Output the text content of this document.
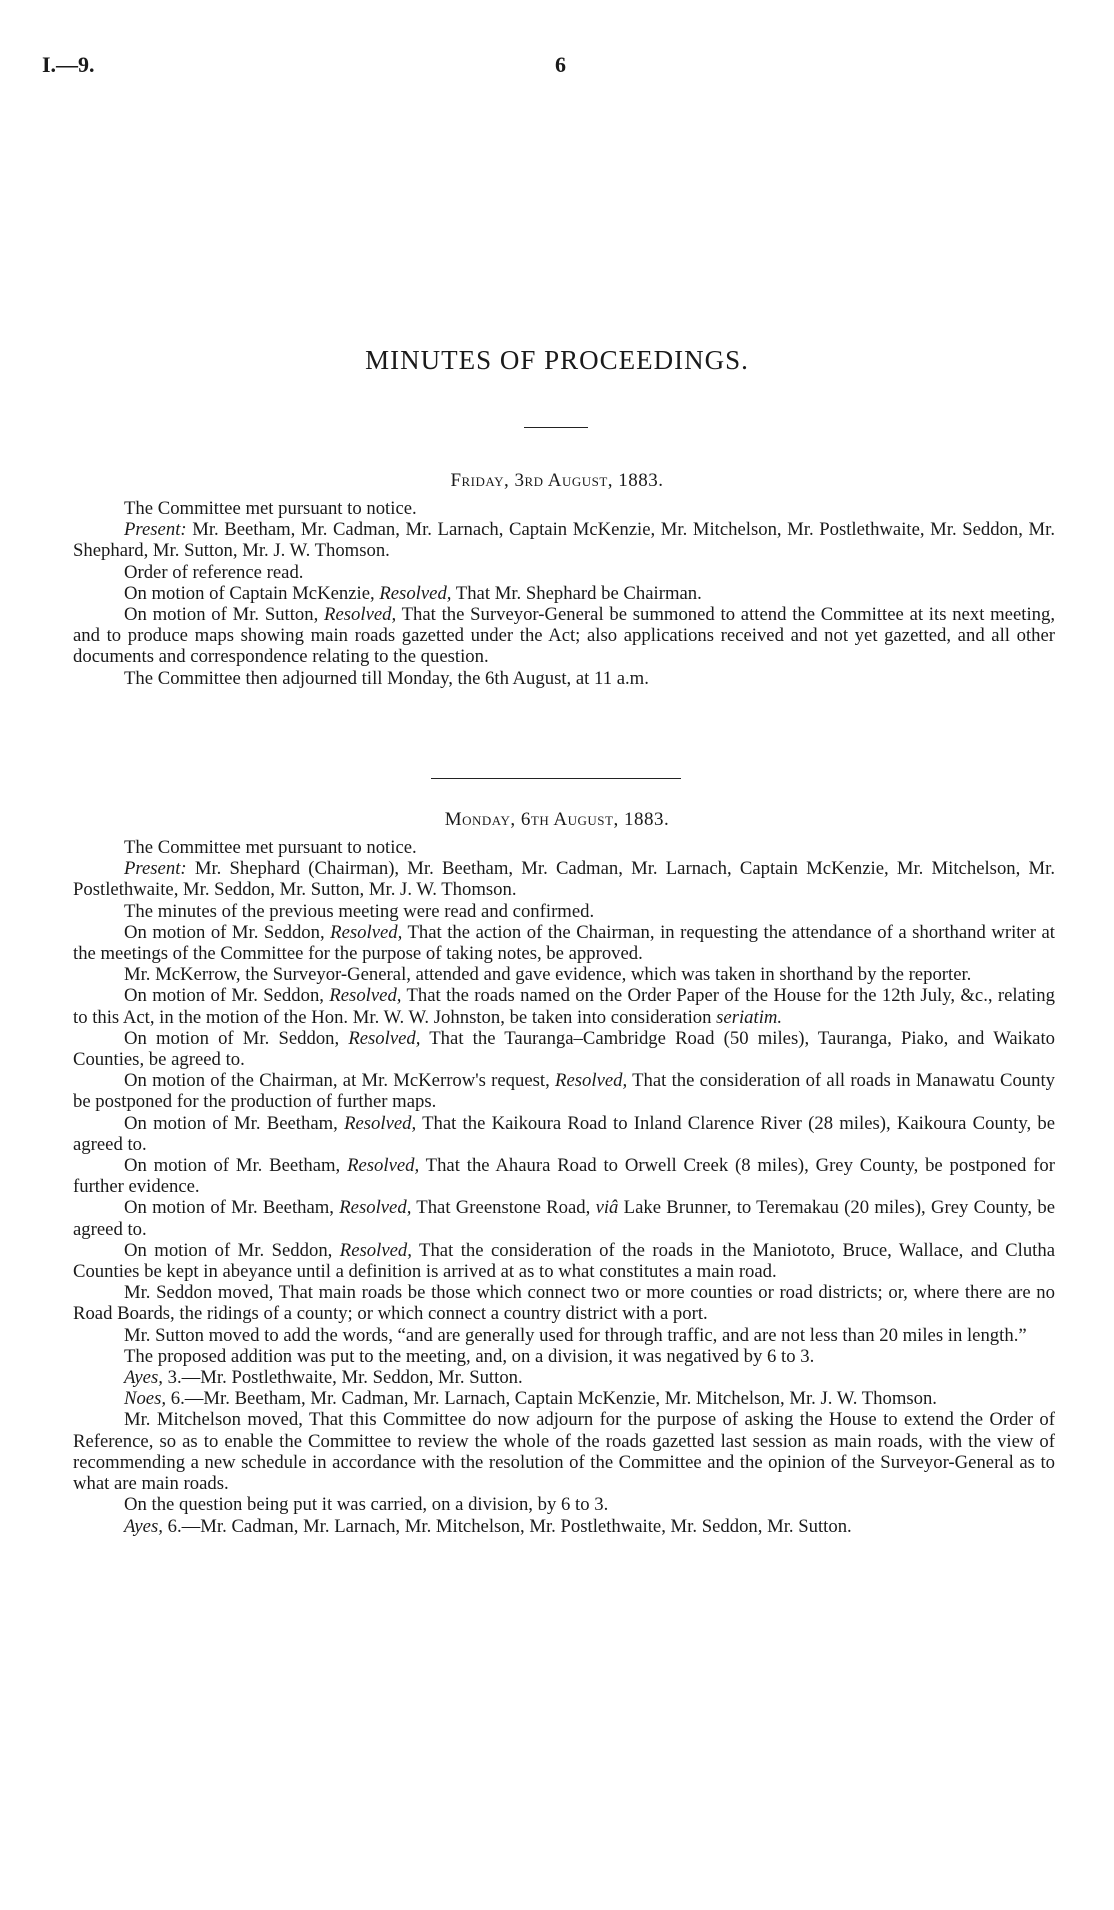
I.—9.	6
MINUTES OF PROCEEDINGS.
Friday, 3rd August, 1883.

The Committee met pursuant to notice.

Present: Mr. Beetham, Mr. Cadman, Mr. Larnach, Captain McKenzie, Mr. Mitchelson, Mr. Postlethwaite, Mr. Seddon, Mr. Shephard, Mr. Sutton, Mr. J. W. Thomson.

Order of reference read.

On motion of Captain McKenzie, Resolved, That Mr. Shephard be Chairman.

On motion of Mr. Sutton, Resolved, That the Surveyor-General be summoned to attend the Committee at its next meeting, and to produce maps showing main roads gazetted under the Act; also applications received and not yet gazetted, and all other documents and correspondence relating to the question.

The Committee then adjourned till Monday, the 6th August, at 11 a.m.

Monday, 6th August, 1883.

The Committee met pursuant to notice.

Present: Mr. Shephard (Chairman), Mr. Beetham, Mr. Cadman, Mr. Larnach, Captain McKenzie, Mr. Mitchelson, Mr. Postlethwaite, Mr. Seddon, Mr. Sutton, Mr. J. W. Thomson.

The minutes of the previous meeting were read and confirmed.

On motion of Mr. Seddon, Resolved, That the action of the Chairman, in requesting the attendance of a shorthand writer at the meetings of the Committee for the purpose of taking notes, be approved.

Mr. McKerrow, the Surveyor-General, attended and gave evidence, which was taken in shorthand by the reporter.

On motion of Mr. Seddon, Resolved, That the roads named on the Order Paper of the House for the 12th July, &c., relating to this Act, in the motion of the Hon. Mr. W. W. Johnston, be taken into consideration seriatim.

On motion of Mr. Seddon, Resolved, That the Tauranga–Cambridge Road (50 miles), Tauranga, Piako, and Waikato Counties, be agreed to.

On motion of the Chairman, at Mr. McKerrow's request, Resolved, That the consideration of all roads in Manawatu County be postponed for the production of further maps.

On motion of Mr. Beetham, Resolved, That the Kaikoura Road to Inland Clarence River (28 miles), Kaikoura County, be agreed to.

On motion of Mr. Beetham, Resolved, That the Ahaura Road to Orwell Creek (8 miles), Grey County, be postponed for further evidence.

On motion of Mr. Beetham, Resolved, That Greenstone Road, viâ Lake Brunner, to Teremakau (20 miles), Grey County, be agreed to.

On motion of Mr. Seddon, Resolved, That the consideration of the roads in the Maniototo, Bruce, Wallace, and Clutha Counties be kept in abeyance until a definition is arrived at as to what constitutes a main road.

Mr. Seddon moved, That main roads be those which connect two or more counties or road districts; or, where there are no Road Boards, the ridings of a county; or which connect a country district with a port.

Mr. Sutton moved to add the words, “and are generally used for through traffic, and are not less than 20 miles in length.”

The proposed addition was put to the meeting, and, on a division, it was negatived by 6 to 3.

Ayes, 3.—Mr. Postlethwaite, Mr. Seddon, Mr. Sutton.

Noes, 6.—Mr. Beetham, Mr. Cadman, Mr. Larnach, Captain McKenzie, Mr. Mitchelson, Mr. J. W. Thomson.

Mr. Mitchelson moved, That this Committee do now adjourn for the purpose of asking the House to extend the Order of Reference, so as to enable the Committee to review the whole of the roads gazetted last session as main roads, with the view of recommending a new schedule in accordance with the resolution of the Committee and the opinion of the Surveyor-General as to what are main roads.

On the question being put it was carried, on a division, by 6 to 3.

Ayes, 6.—Mr. Cadman, Mr. Larnach, Mr. Mitchelson, Mr. Postlethwaite, Mr. Seddon, Mr. Sutton.
